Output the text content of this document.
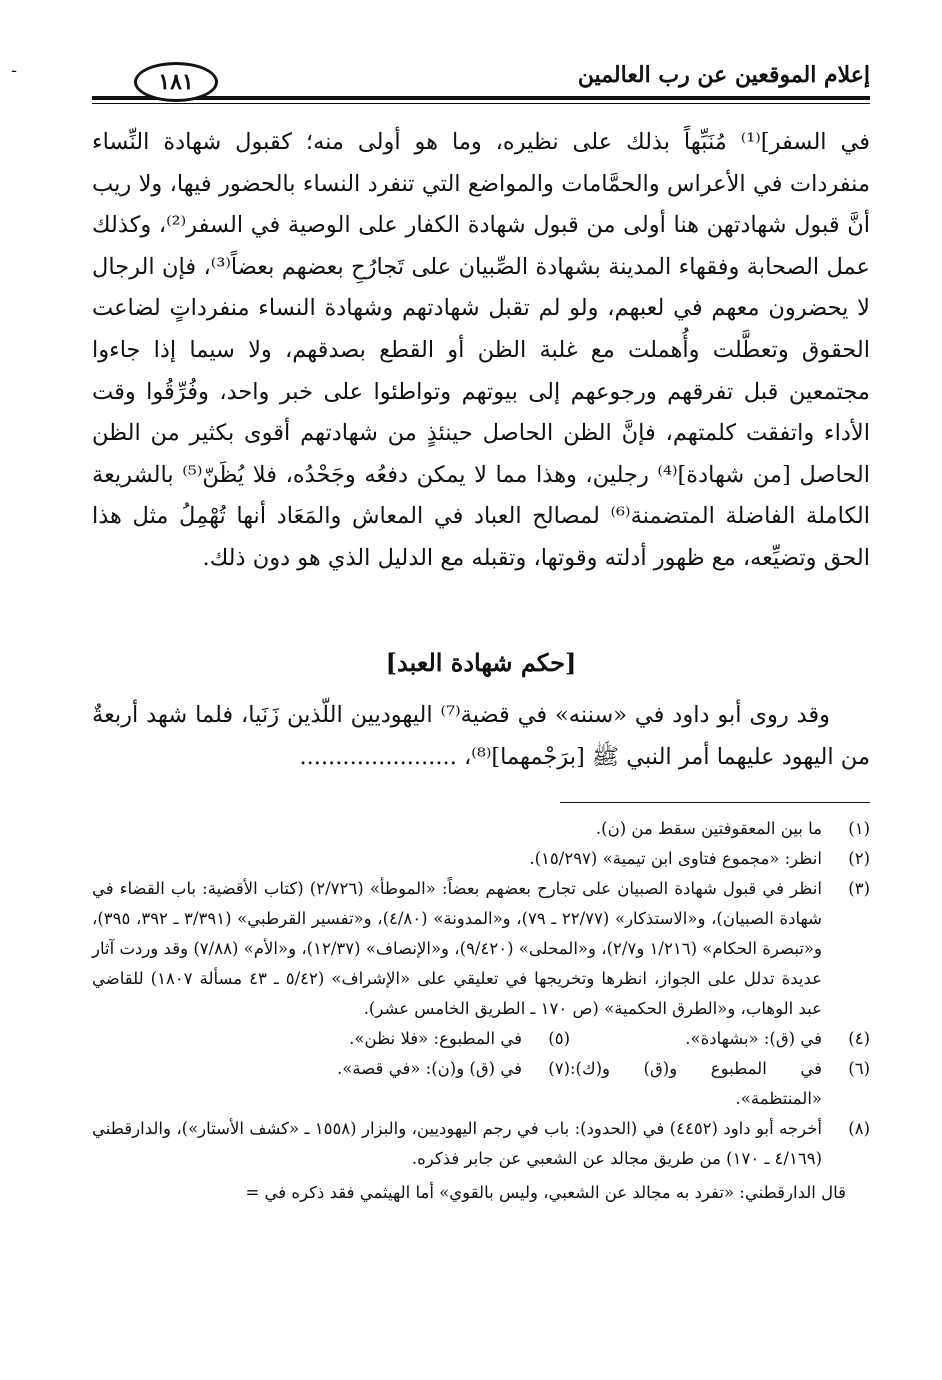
إعلام الموقعين عن رب العالمين
١٨١

في السفر]⁽¹⁾ مُنَبِّهاً بذلك على نظيره، وما هو أولى منه؛ كقبول شهادة النِّساء منفردات في الأعراس والحمَّامات والمواضع التي تنفرد النساء بالحضور فيها، ولا ريب أنَّ قبول شهادتهن هنا أولى من قبول شهادة الكفار على الوصية في السفر⁽²⁾، وكذلك عمل الصحابة وفقهاء المدينة بشهادة الصِّبيان على تَجارُحِ بعضهم بعضاً⁽³⁾، فإن الرجال لا يحضرون معهم في لعبهم، ولو لم تقبل شهادتهم وشهادة النساء منفرداتٍ لضاعت الحقوق وتعطَّلت وأُهملت مع غلبة الظن أو القطع بصدقهم، ولا سيما إذا جاءوا مجتمعين قبل تفرقهم ورجوعهم إلى بيوتهم وتواطئوا على خبر واحد، وفُرِّقُوا وقت الأداء واتفقت كلمتهم، فإنَّ الظن الحاصل حينئذٍ من شهادتهم أقوى بكثير من الظن الحاصل [من شهادة]⁽⁴⁾ رجلين، وهذا مما لا يمكن دفعُه وجَحْدُه، فلا يُظَنّ⁽⁵⁾ بالشريعة الكاملة الفاضلة المتضمنة⁽⁶⁾ لمصالح العباد في المعاش والمَعَاد أنها تُهْمِلُ مثل هذا الحق وتضيِّعه، مع ظهور أدلته وقوتها، وتقبله مع الدليل الذي هو دون ذلك.

[حكم شهادة العبد]

وقد روى أبو داود في «سننه» في قضية⁽⁷⁾ اليهوديين اللّذين زَنَيا، فلما شهد أربعةٌ من اليهود عليهما أمر النبي ﷺ [برَجْمهما]⁽⁸⁾، ......................

(١)
ما بين المعقوفتين سقط من (ن).
(٢)
انظر: «مجموع فتاوى ابن تيمية» (١٥/٢٩٧).
(٣)
انظر في قبول شهادة الصبيان على تجارح بعضهم بعضاً: «الموطأ» (٢/٧٢٦) (كتاب الأقضية: باب القضاء في شهادة الصبيان)، و«الاستذكار» (٢٢/٧٧ ـ ٧٩)، و«المدونة» (٤/٨٠)، و«تفسير القرطبي» (٣/٣٩١ ـ ٣٩٢، ٣٩٥)، و«تبصرة الحكام» (١/٢١٦ و٢/٧)، و«المحلى» (٩/٤٢٠)، و«الإنصاف» (١٢/٣٧)، و«الأم» (٧/٨٨) وقد وردت آثار عديدة تدلل على الجواز، انظرها وتخريجها في تعليقي على «الإشراف» (٥/٤٢ ـ ٤٣ مسألة ١٨٠٧) للقاضي عبد الوهاب، و«الطرق الحكمية» (ص ١٧٠ ـ الطريق الخامس عشر).
(٤)
في (ق): «بشهادة».
(٥)
في المطبوع: «فلا نظن».
(٦)
في المطبوع و(ق) و(ك): «المنتظمة».
(٧)
في (ق) و(ن): «في قصة».
(٨)
أخرجه أبو داود (٤٤٥٢) في (الحدود): باب في رجم اليهوديين، والبزار (١٥٥٨ ـ «كشف الأستار»)، والدارقطني (٤/١٦٩ ـ ١٧٠) من طريق مجالد عن الشعبي عن جابر فذكره.
قال الدارقطني: «تفرد به مجالد عن الشعبي، وليس بالقوي» أما الهيثمي فقد ذكره في =
ـ
